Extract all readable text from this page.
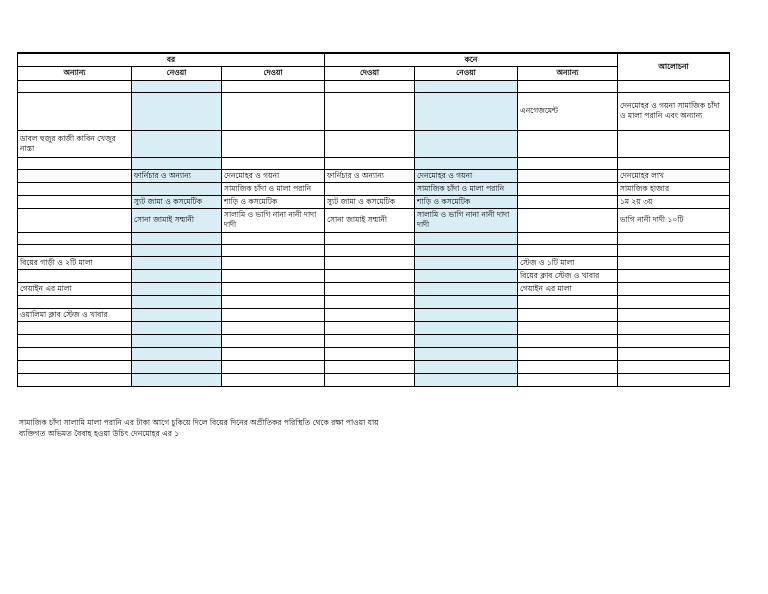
বর			কনে			আলোচনা
অন্যান্য	নেওয়া	দেওয়া	দেওয়া	নেওয়া	অন্যান্য	

					এনগেজমেন্ট	দেনমোহর ও গয়না সামাজিক চাঁদা ও মালা পরানি এবং অন্যান্য
ডাবল হুজুর কাজী কাবিন খেজুর নাস্তা						

	ফার্নিচার ও অন্যান্য	দেনমোহর ও গয়না	ফার্নিচার ও অন্যান্য	দেনমোহর ও গয়না		দেনমোহর লাখ
		সামাজিক চাঁদা ও মালা পরানি		সামাজিক চাঁদা ও মালা পরানি		সামাজিক হাজার
	স্যুট জামা ও কসমেটিক	শাড়ি ও কসমেটিক	স্যুট জামা ও কসমেটিক	শাড়ি ও কসমেটিক		১ম ২য় ৩য়
	সোনা জামাই সম্মানী	সালামি ও ভাগি নানা নানী দাদা দাদী	সোনা জামাই সম্মানী	সালামি ও ভাগি নানা নানী দাদা দাদী		ভাগি নানী দাদী ১০টি

বিয়ের গাড়ী ও ২টি মালা					স্টেজ ও ১টি মালা	
					বিয়ের ক্লাব স্টেজ ও খাবার	
গেয়াইন এর মালা					গেয়াইন এর মালা	

ওয়ালিমা ক্লাব স্টেজ ও খাবার						

সামাজিক চাঁদা সালামি মালা পরানি এর টাকা আগে চুকিয়ে দিলে বিয়ের দিনের অপ্রীতিকর পরিস্থিতি থেকে রক্ষা পাওয়া যায়
ব্যক্তিগত অভিমত বৈবাহ হওয়া উচিৎ দেনমোহর এর ১
